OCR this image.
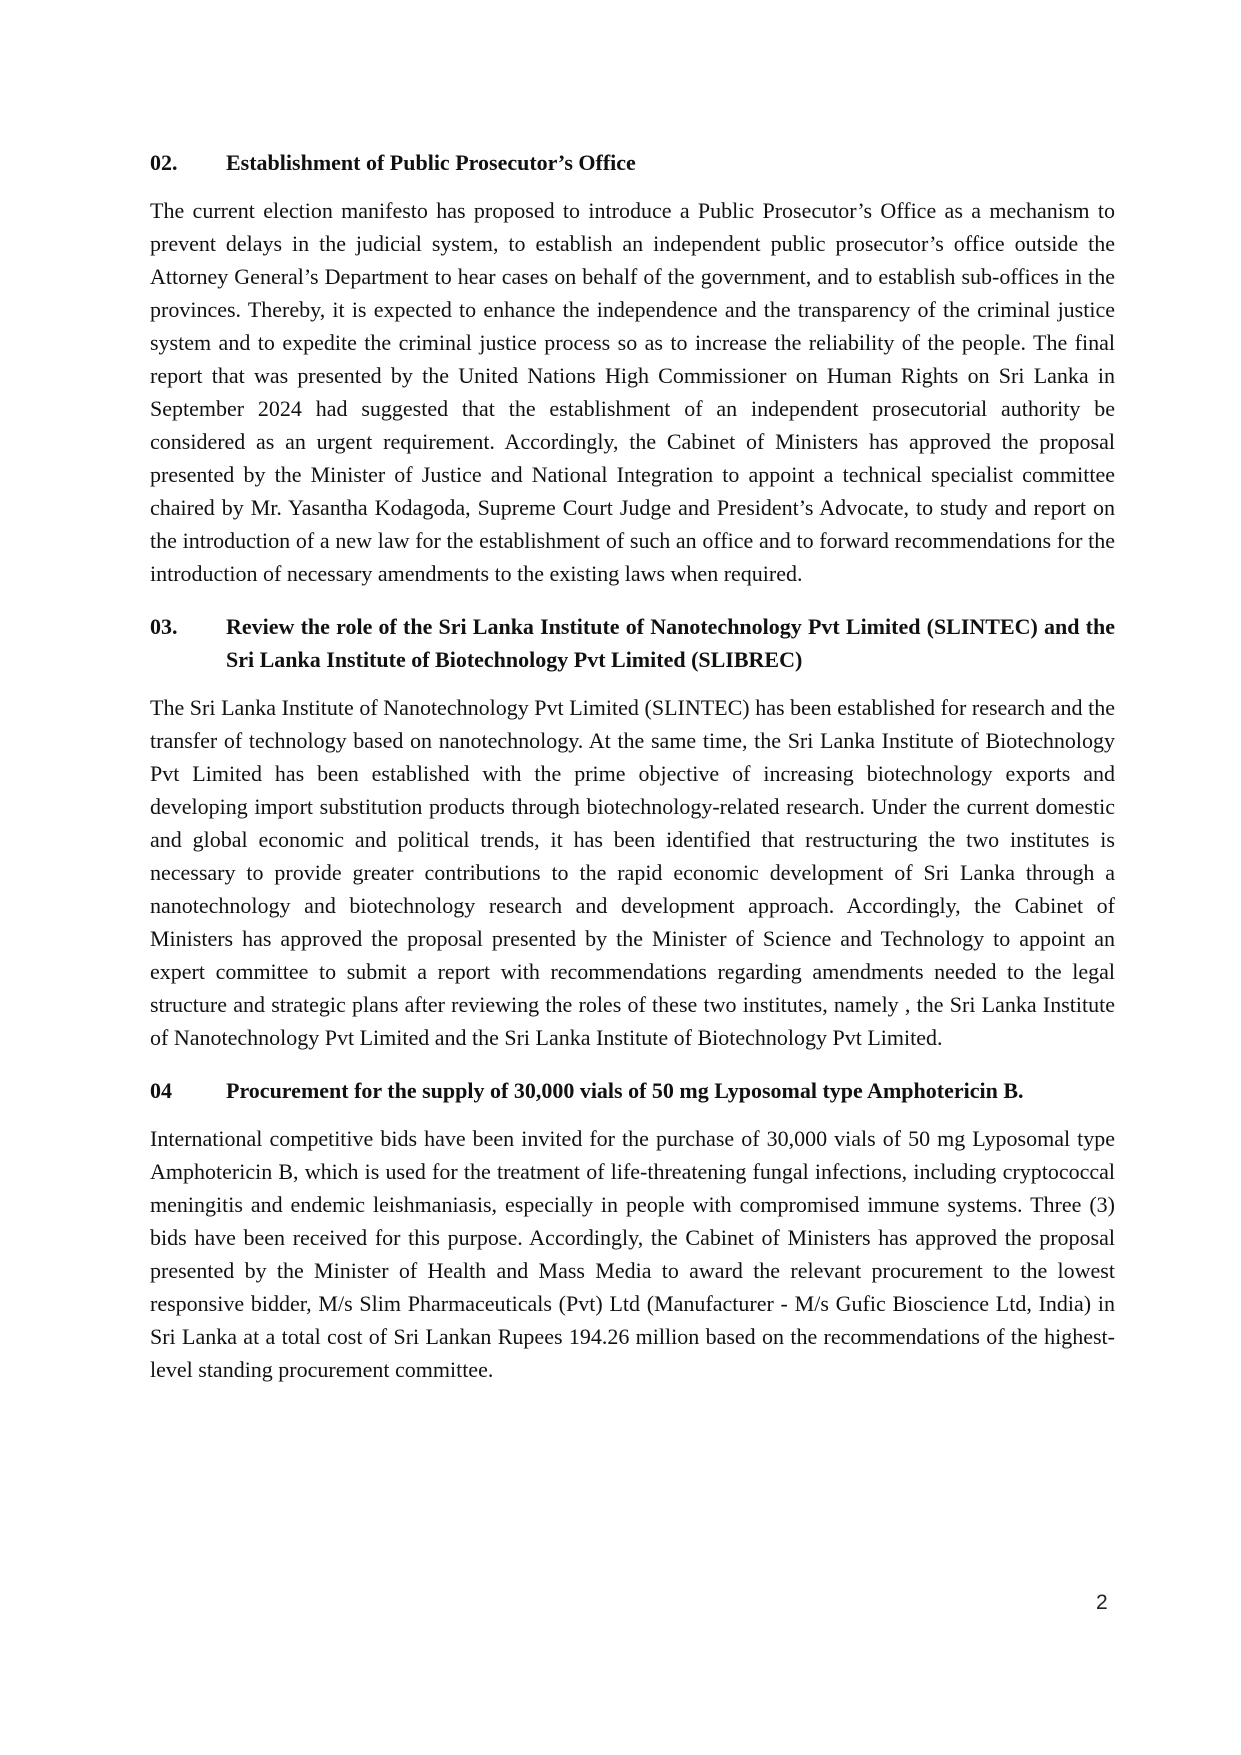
02.	Establishment of Public Prosecutor’s Office

The current election manifesto has proposed to introduce a Public Prosecutor’s Office as a mechanism to prevent delays in the judicial system, to establish an independent public prosecutor’s office outside the Attorney General’s Department to hear cases on behalf of the government, and to establish sub-offices in the provinces. Thereby, it is expected to enhance the independence and the transparency of the criminal justice system and to expedite the criminal justice process so as to increase the reliability of the people. The final report that was presented by the United Nations High Commissioner on Human Rights on Sri Lanka in September 2024 had suggested that the establishment of an independent prosecutorial authority be considered as an urgent requirement. Accordingly, the Cabinet of Ministers has approved the proposal presented by the Minister of Justice and National Integration to appoint a technical specialist committee chaired by Mr. Yasantha Kodagoda, Supreme Court Judge and President’s Advocate, to study and report on the introduction of a new law for the establishment of such an office and to forward recommendations for the introduction of necessary amendments to the existing laws when required.

03.	Review the role of the Sri Lanka Institute of Nanotechnology Pvt Limited (SLINTEC) and the Sri Lanka Institute of Biotechnology Pvt Limited (SLIBREC)

The Sri Lanka Institute of Nanotechnology Pvt Limited (SLINTEC) has been established for research and the transfer of technology based on nanotechnology. At the same time, the Sri Lanka Institute of Biotechnology Pvt Limited has been established with the prime objective of increasing biotechnology exports and developing import substitution products through biotechnology-related research. Under the current domestic and global economic and political trends, it has been identified that restructuring the two institutes is necessary to provide greater contributions to the rapid economic development of Sri Lanka through a nanotechnology and biotechnology research and development approach. Accordingly, the Cabinet of Ministers has approved the proposal presented by the Minister of Science and Technology to appoint an expert committee to submit a report with recommendations regarding amendments needed to the legal structure and strategic plans after reviewing the roles of these two institutes, namely , the Sri Lanka Institute of Nanotechnology Pvt Limited and the Sri Lanka Institute of Biotechnology Pvt Limited.

04	Procurement for the supply of 30,000 vials of 50 mg Lyposomal type Amphotericin B.

International competitive bids have been invited for the purchase of 30,000 vials of 50 mg Lyposomal type Amphotericin B, which is used for the treatment of life-threatening fungal infections, including cryptococcal meningitis and endemic leishmaniasis, especially in people with compromised immune systems. Three (3) bids have been received for this purpose. Accordingly, the Cabinet of Ministers has approved the proposal presented by the Minister of Health and Mass Media to award the relevant procurement to the lowest responsive bidder, M/s Slim Pharmaceuticals (Pvt) Ltd (Manufacturer - M/s Gufic Bioscience Ltd, India) in Sri Lanka at a total cost of Sri Lankan Rupees 194.26 million based on the recommendations of the highest-level standing procurement committee.

2
